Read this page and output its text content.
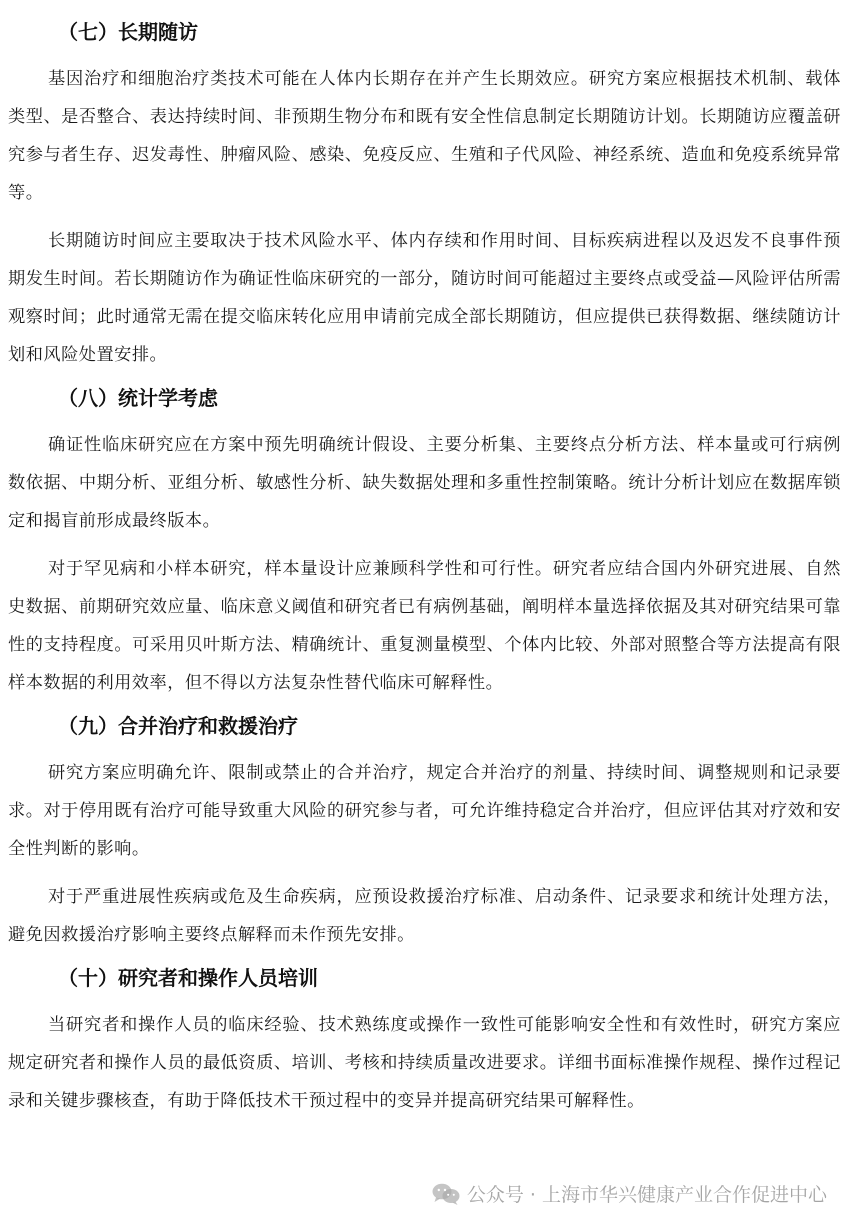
（七）长期随访

基因治疗和细胞治疗类技术可能在人体内长期存在并产生长期效应。研究方案应根据技术机制、载体类型、是否整合、表达持续时间、非预期生物分布和既有安全性信息制定长期随访计划。长期随访应覆盖研究参与者生存、迟发毒性、肿瘤风险、感染、免疫反应、生殖和子代风险、神经系统、造血和免疫系统异常等。

长期随访时间应主要取决于技术风险水平、体内存续和作用时间、目标疾病进程以及迟发不良事件预期发生时间。若长期随访作为确证性临床研究的一部分，随访时间可能超过主要终点或受益—风险评估所需观察时间；此时通常无需在提交临床转化应用申请前完成全部长期随访，但应提供已获得数据、继续随访计划和风险处置安排。

（八）统计学考虑

确证性临床研究应在方案中预先明确统计假设、主要分析集、主要终点分析方法、样本量或可行病例数依据、中期分析、亚组分析、敏感性分析、缺失数据处理和多重性控制策略。统计分析计划应在数据库锁定和揭盲前形成最终版本。

对于罕见病和小样本研究，样本量设计应兼顾科学性和可行性。研究者应结合国内外研究进展、自然史数据、前期研究效应量、临床意义阈值和研究者已有病例基础，阐明样本量选择依据及其对研究结果可靠性的支持程度。可采用贝叶斯方法、精确统计、重复测量模型、个体内比较、外部对照整合等方法提高有限样本数据的利用效率，但不得以方法复杂性替代临床可解释性。

（九）合并治疗和救援治疗

研究方案应明确允许、限制或禁止的合并治疗，规定合并治疗的剂量、持续时间、调整规则和记录要求。对于停用既有治疗可能导致重大风险的研究参与者，可允许维持稳定合并治疗，但应评估其对疗效和安全性判断的影响。

对于严重进展性疾病或危及生命疾病，应预设救援治疗标准、启动条件、记录要求和统计处理方法，避免因救援治疗影响主要终点解释而未作预先安排。

（十）研究者和操作人员培训

当研究者和操作人员的临床经验、技术熟练度或操作一致性可能影响安全性和有效性时，研究方案应规定研究者和操作人员的最低资质、培训、考核和持续质量改进要求。详细书面标准操作规程、操作过程记录和关键步骤核查，有助于降低技术干预过程中的变异并提高研究结果可解释性。

公众号 · 上海市华兴健康产业合作促进中心
